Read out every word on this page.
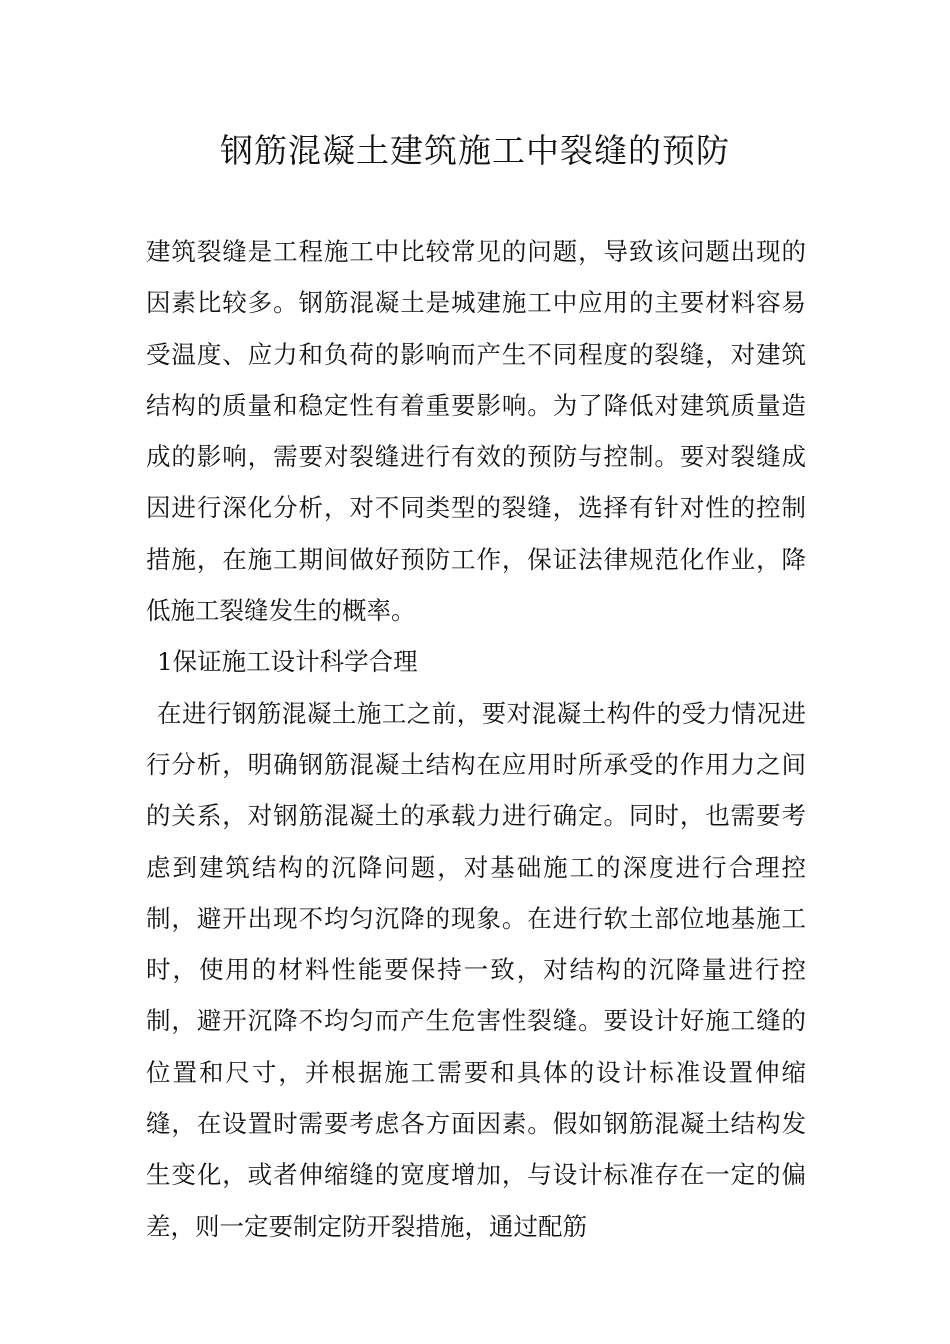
钢筋混凝土建筑施工中裂缝的预防

建筑裂缝是工程施工中比较常见的问题，导致该问题出现的因素比较多。钢筋混凝土是城建施工中应用的主要材料容易受温度、应力和负荷的影响而产生不同程度的裂缝，对建筑结构的质量和稳定性有着重要影响。为了降低对建筑质量造成的影响，需要对裂缝进行有效的预防与控制。要对裂缝成因进行深化分析，对不同类型的裂缝，选择有针对性的控制措施，在施工期间做好预防工作，保证法律规范化作业，降低施工裂缝发生的概率。

1保证施工设计科学合理

在进行钢筋混凝土施工之前，要对混凝土构件的受力情况进行分析，明确钢筋混凝土结构在应用时所承受的作用力之间的关系，对钢筋混凝土的承载力进行确定。同时，也需要考虑到建筑结构的沉降问题，对基础施工的深度进行合理控制，避开出现不均匀沉降的现象。在进行软土部位地基施工时，使用的材料性能要保持一致，对结构的沉降量进行控制，避开沉降不均匀而产生危害性裂缝。要设计好施工缝的位置和尺寸，并根据施工需要和具体的设计标准设置伸缩缝，在设置时需要考虑各方面因素。假如钢筋混凝土结构发生变化，或者伸缩缝的宽度增加，与设计标准存在一定的偏差，则一定要制定防开裂措施，通过配筋
